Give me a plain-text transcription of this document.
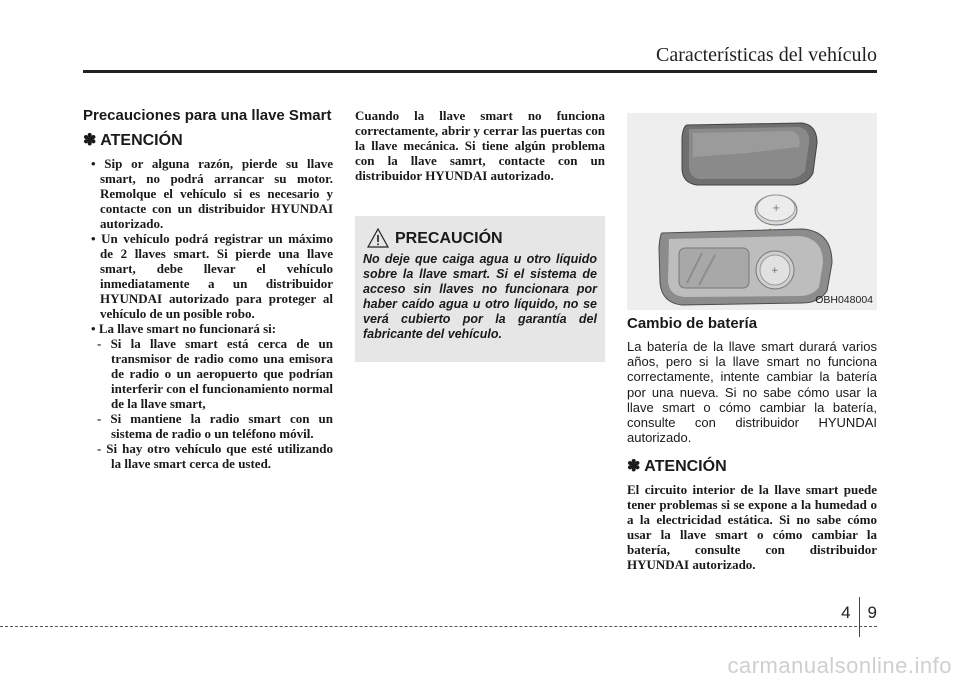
Características del vehículo
Precauciones para una llave Smart
✽ ATENCIÓN
• Sip or alguna razón, pierde su llave smart, no podrá arrancar su motor. Remolque el vehículo si es necesario y contacte con un distribuidor HYUNDAI autorizado.
• Un vehículo podrá registrar un máximo de 2 llaves smart. Si pierde una llave smart, debe llevar el vehículo inmediatamente a un distribuidor HYUNDAI autorizado para proteger al vehículo de un posible robo.
• La llave smart no funcionará si:
- Si la llave smart está cerca de un transmisor de radio como una emisora de radio o un aeropuerto que podrían interferir con el funcionamiento normal de la llave smart,
- Si mantiene la radio smart con un sistema de radio o un teléfono móvil.
- Si hay otro vehículo que esté utilizando la llave smart cerca de usted.

Cuando la llave smart no funciona correctamente, abrir y cerrar las puertas con la llave mecánica. Si tiene algún problema con la llave samrt, contacte con un distribuidor HYUNDAI autorizado.

PRECAUCIÓN

No deje que caiga agua u otro líquido sobre la llave smart. Si el sistema de acceso sin llaves no funcionara por haber caído agua u otro líquido, no se verá cubierto por la garantía del fabricante del vehículo.

+
+
OBH048004
Cambio de batería

La batería de la llave smart durará varios años, pero si la llave smart no funciona correctamente, intente cambiar la batería por una nueva. Si no sabe cómo usar la llave smart o cómo cambiar la batería, consulte con distribuidor HYUNDAI autorizado.

✽ ATENCIÓN

El circuito interior de la llave smart puede tener problemas si se expone a la humedad o a la electricidad estática. Si no sabe cómo usar la llave smart o cómo cambiar la batería, consulte con distribuidor HYUNDAI autorizado.

4 9
carmanualsonline.info
